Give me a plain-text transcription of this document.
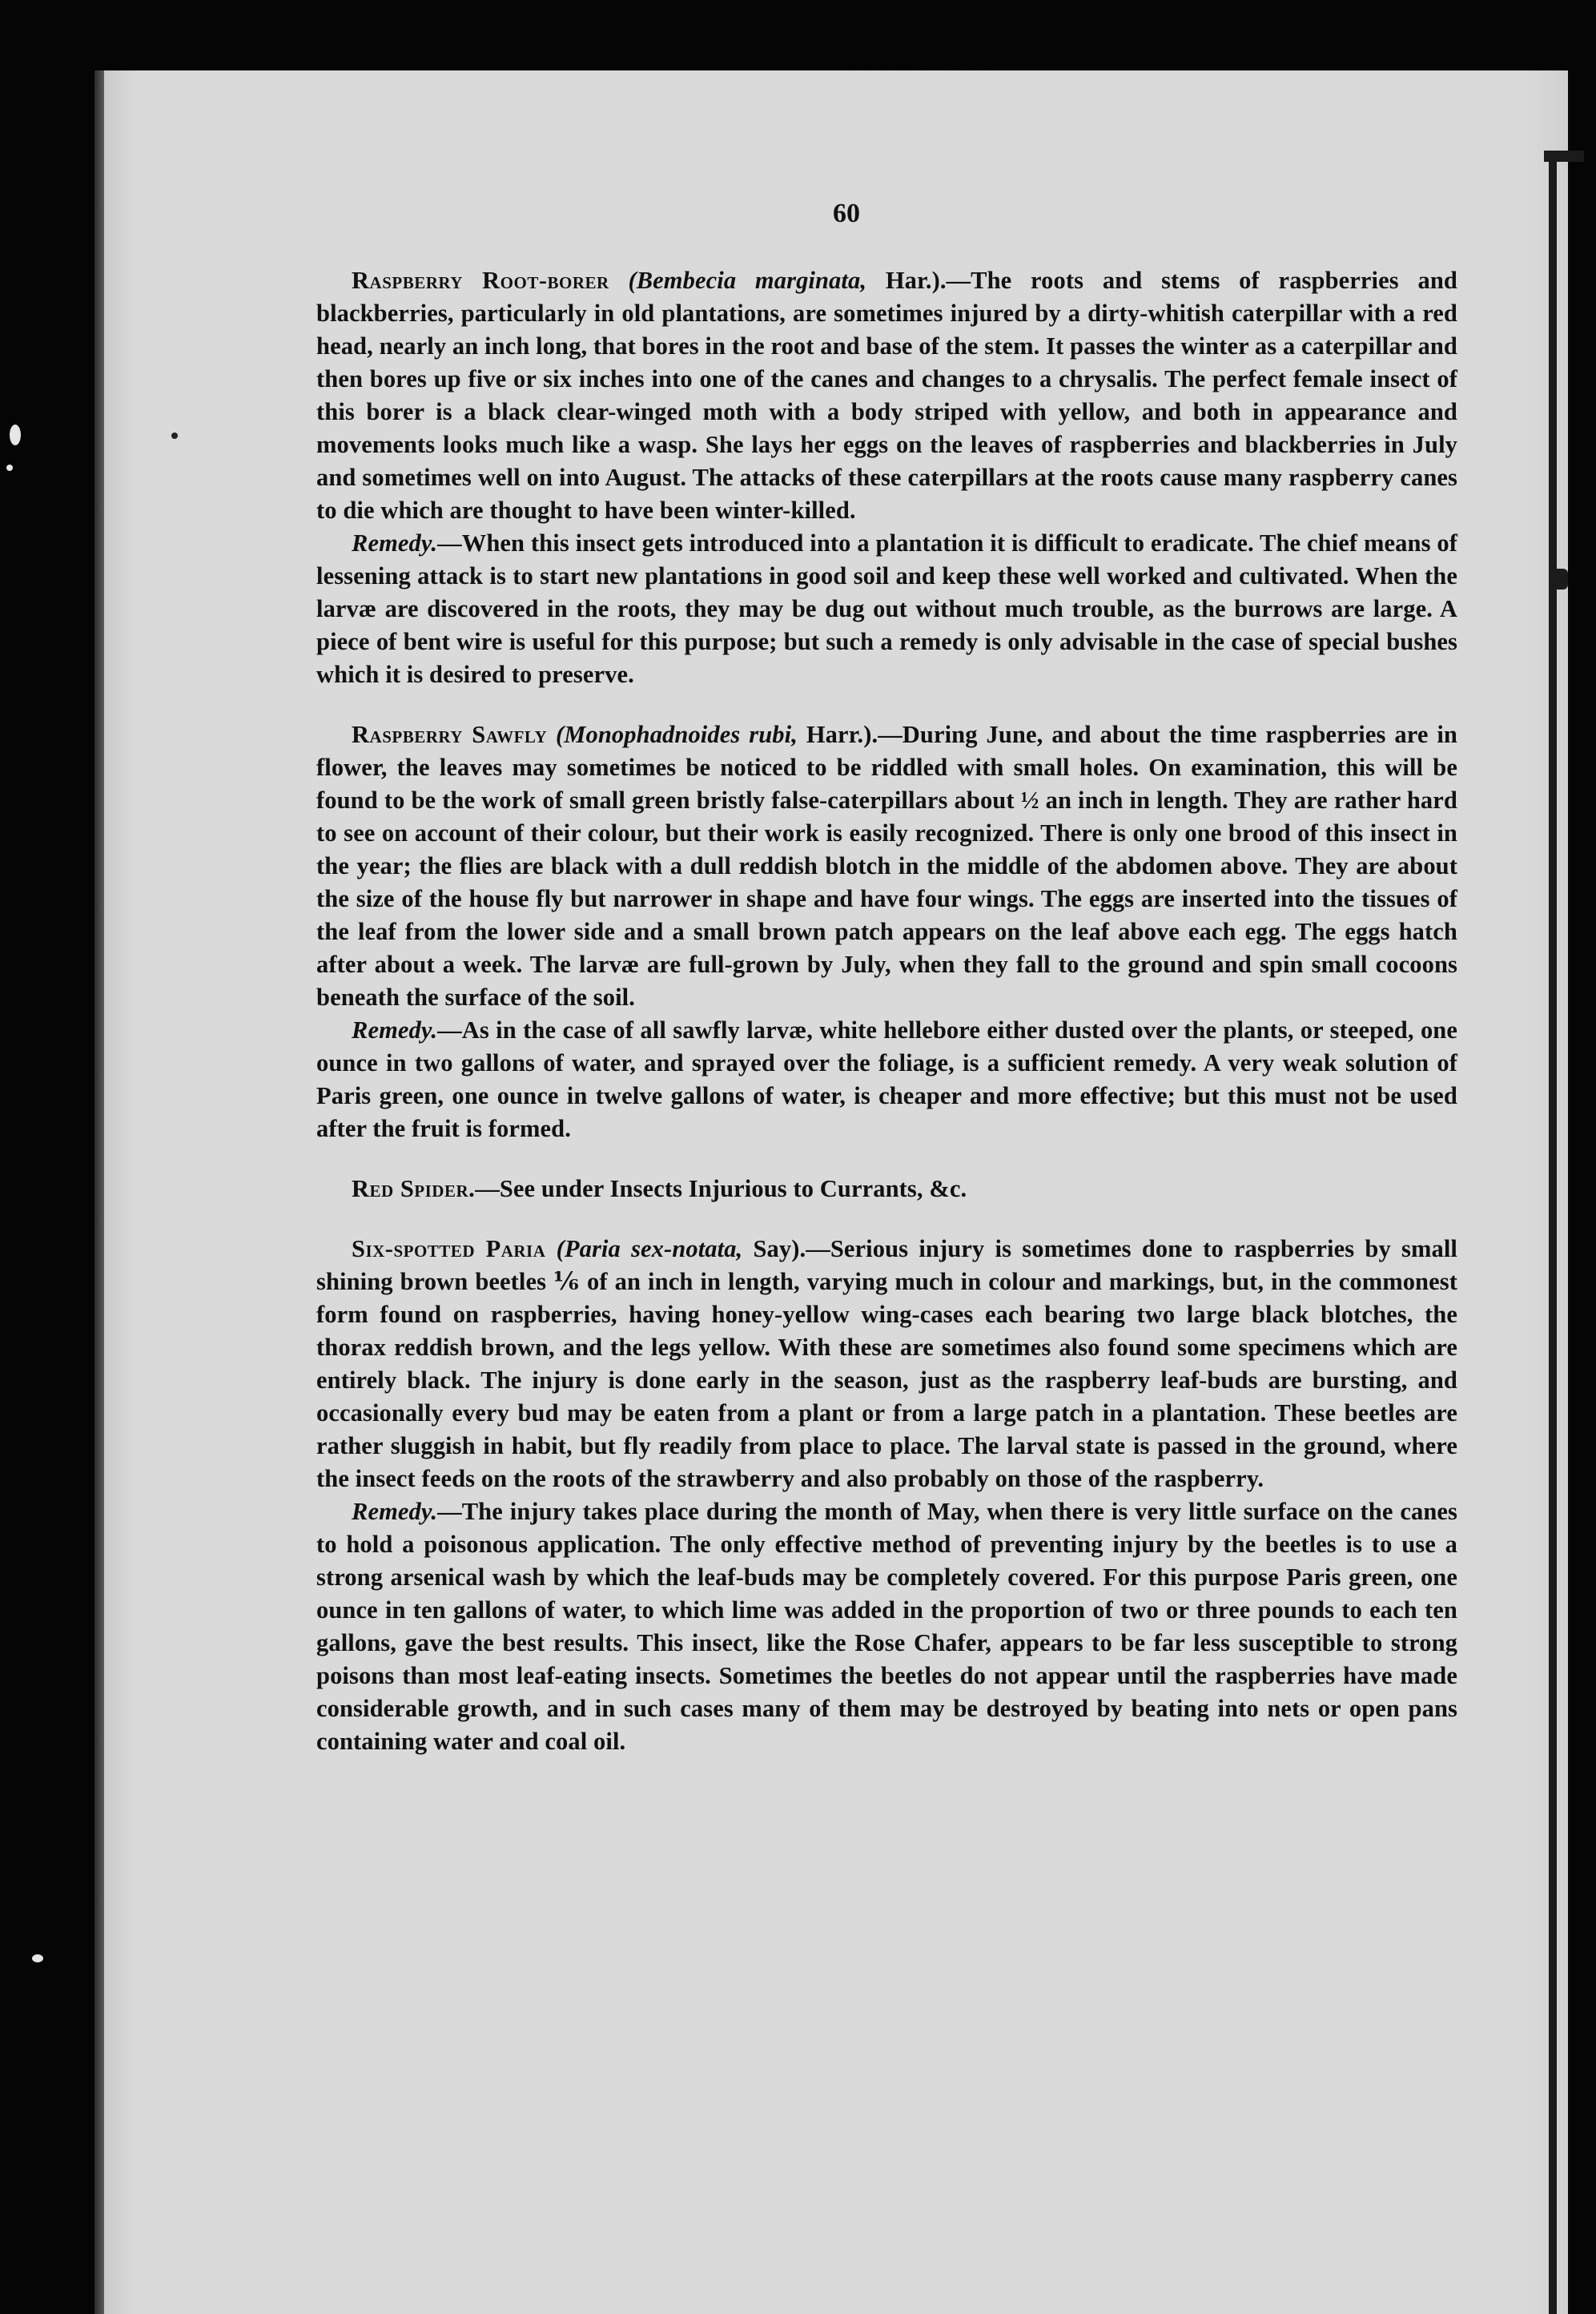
60

Raspberry Root-borer (Bembecia marginata, Har.).—The roots and stems of raspberries and blackberries, particularly in old plantations, are sometimes injured by a dirty-whitish caterpillar with a red head, nearly an inch long, that bores in the root and base of the stem. It passes the winter as a caterpillar and then bores up five or six inches into one of the canes and changes to a chrysalis. The perfect female insect of this borer is a black clear-winged moth with a body striped with yellow, and both in appearance and movements looks much like a wasp. She lays her eggs on the leaves of raspberries and blackberries in July and sometimes well on into August. The attacks of these caterpillars at the roots cause many raspberry canes to die which are thought to have been winter-killed.

Remedy.—When this insect gets introduced into a plantation it is difficult to eradicate. The chief means of lessening attack is to start new plantations in good soil and keep these well worked and cultivated. When the larvæ are discovered in the roots, they may be dug out without much trouble, as the burrows are large. A piece of bent wire is useful for this purpose; but such a remedy is only advisable in the case of special bushes which it is desired to preserve.

Raspberry Sawfly (Monophadnoides rubi, Harr.).—During June, and about the time raspberries are in flower, the leaves may sometimes be noticed to be riddled with small holes. On examination, this will be found to be the work of small green bristly false-caterpillars about ½ an inch in length. They are rather hard to see on account of their colour, but their work is easily recognized. There is only one brood of this insect in the year; the flies are black with a dull reddish blotch in the middle of the abdomen above. They are about the size of the house fly but narrower in shape and have four wings. The eggs are inserted into the tissues of the leaf from the lower side and a small brown patch appears on the leaf above each egg. The eggs hatch after about a week. The larvæ are full-grown by July, when they fall to the ground and spin small cocoons beneath the surface of the soil.

Remedy.—As in the case of all sawfly larvæ, white hellebore either dusted over the plants, or steeped, one ounce in two gallons of water, and sprayed over the foliage, is a sufficient remedy. A very weak solution of Paris green, one ounce in twelve gallons of water, is cheaper and more effective; but this must not be used after the fruit is formed.

Red Spider.—See under Insects Injurious to Currants, &c.

Six-spotted Paria (Paria sex-notata, Say).—Serious injury is sometimes done to raspberries by small shining brown beetles ⅙ of an inch in length, varying much in colour and markings, but, in the commonest form found on raspberries, having honey-yellow wing-cases each bearing two large black blotches, the thorax reddish brown, and the legs yellow. With these are sometimes also found some specimens which are entirely black. The injury is done early in the season, just as the raspberry leaf-buds are bursting, and occasionally every bud may be eaten from a plant or from a large patch in a plantation. These beetles are rather sluggish in habit, but fly readily from place to place. The larval state is passed in the ground, where the insect feeds on the roots of the strawberry and also probably on those of the raspberry.

Remedy.—The injury takes place during the month of May, when there is very little surface on the canes to hold a poisonous application. The only effective method of preventing injury by the beetles is to use a strong arsenical wash by which the leaf-buds may be completely covered. For this purpose Paris green, one ounce in ten gallons of water, to which lime was added in the proportion of two or three pounds to each ten gallons, gave the best results. This insect, like the Rose Chafer, appears to be far less susceptible to strong poisons than most leaf-eating insects. Sometimes the beetles do not appear until the raspberries have made considerable growth, and in such cases many of them may be destroyed by beating into nets or open pans containing water and coal oil.
